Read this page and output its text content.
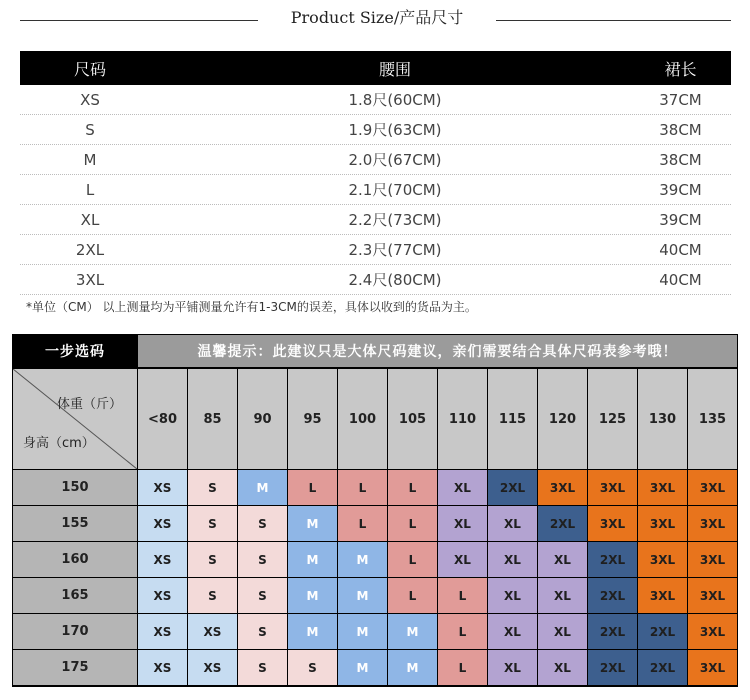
Product Size/产品尺寸
尺码	腰围	裙长
XS	1.8尺(60CM)	37CM
S	1.9尺(63CM)	38CM
M	2.0尺(67CM)	38CM
L	2.1尺(70CM)	39CM
XL	2.2尺(73CM)	39CM
2XL	2.3尺(77CM)	40CM
3XL	2.4尺(80CM)	40CM
*单位（CM） 以上测量均为平铺测量允许有1-3CM的误差，具体以收到的货品为主。
一步选码	温馨提示：此建议只是大体尺码建议，亲们需要结合具体尺码表参考哦！
体重（斤）
身高（cm）
<80	85	90	95	100	105	110	115	120	125	130	135
150	XS	S	M	L	L	L	XL	2XL	3XL	3XL	3XL	3XL
155	XS	S	S	M	L	L	XL	XL	2XL	3XL	3XL	3XL
160	XS	S	S	M	M	L	XL	XL	XL	2XL	3XL	3XL
165	XS	S	S	M	M	L	L	XL	XL	2XL	3XL	3XL
170	XS	XS	S	M	M	M	L	XL	XL	2XL	2XL	3XL
175	XS	XS	S	S	M	M	L	XL	XL	2XL	2XL	3XL
